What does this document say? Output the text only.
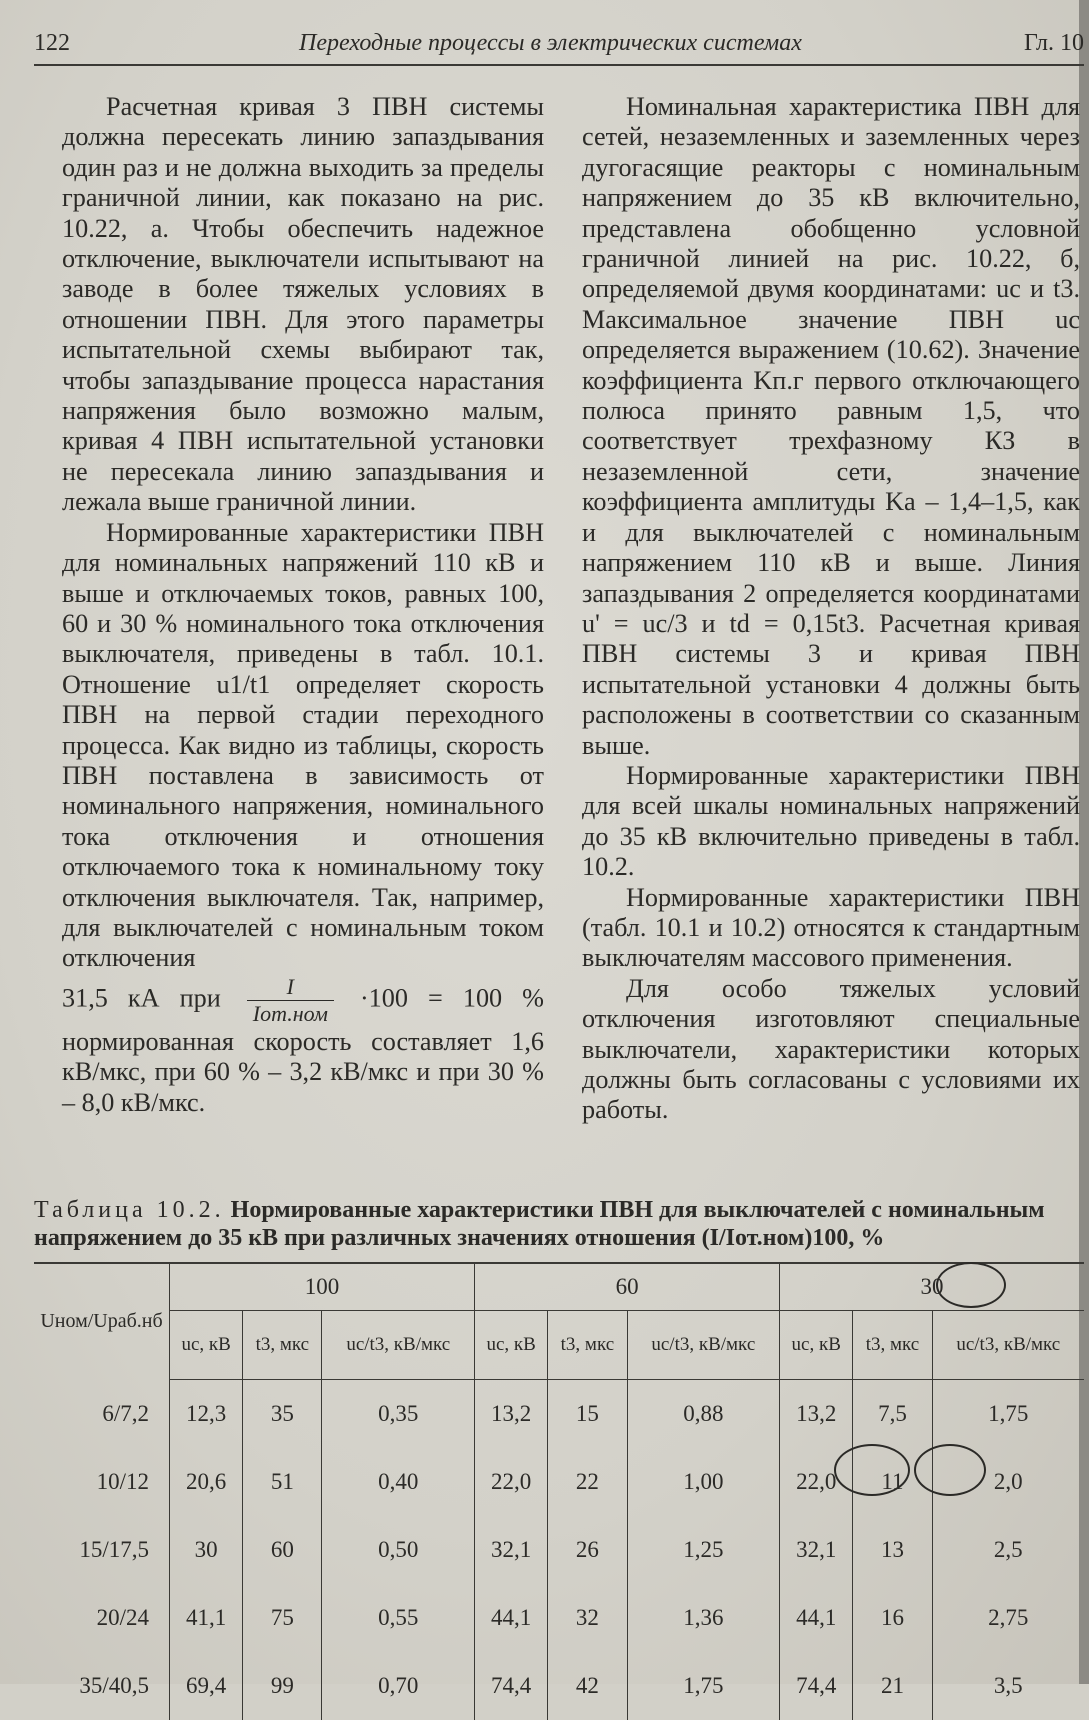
122	Переходные процессы в электрических системах	Гл. 10

Расчетная кривая 3 ПВН системы должна пересекать линию запаздывания один раз и не должна выходить за пределы граничной линии, как показано на рис. 10.22, а. Чтобы обеспечить надежное отключение, выключатели испытывают на заводе в более тяжелых условиях в отношении ПВН. Для этого параметры испытательной схемы выбирают так, чтобы запаздывание процесса нарастания напряжения было возможно малым, кривая 4 ПВН испытательной установки не пересекала линию запаздывания и лежала выше граничной линии.

Нормированные характеристики ПВН для номинальных напряжений 110 кВ и выше и отключаемых токов, равных 100, 60 и 30 % номинального тока отключения выключателя, приведены в табл. 10.1. Отношение u1/t1 определяет скорость ПВН на первой стадии переходного процесса. Как видно из таблицы, скорость ПВН поставлена в зависимость от номинального напряжения, номинального тока отключения и отношения отключаемого тока к номинальному току отключения выключателя. Так, например, для выключателей с номинальным током отключения

31,5 кА при $\frac{I}{\text{Iот.ном}} \cdot 100 = 100$ % нормированная скорость составляет 1,6 кВ/мкс, при 60 % – 3,2 кВ/мкс и при 30 % – 8,0 кВ/мкс.

Номинальная характеристика ПВН для сетей, незаземленных и заземленных через дугогасящие реакторы с номинальным напряжением до 35 кВ включительно, представлена обобщенно условной граничной линией на рис. 10.22, б, определяемой двумя координатами: uc и t3. Максимальное значение ПВН uc определяется выражением (10.62). Значение коэффициента Kп.г первого отключающего полюса принято равным 1,5, что соответствует трехфазному КЗ в незаземленной сети, значение коэффициента амплитуды Ka – 1,4–1,5, как и для выключателей с номинальным напряжением 110 кВ и выше. Линия запаздывания 2 определяется координатами u' = uc/3 и td = 0,15t3. Расчетная кривая ПВН системы 3 и кривая ПВН испытательной установки 4 должны быть расположены в соответствии со сказанным выше.

Нормированные характеристики ПВН для всей шкалы номинальных напряжений до 35 кВ включительно приведены в табл. 10.2.

Нормированные характеристики ПВН (табл. 10.1 и 10.2) относятся к стандартным выключателям массового применения.

Для особо тяжелых условий отключения изготовляют специальные выключатели, характеристики которых должны быть согласованы с условиями их работы.

Таблица 10.2. Нормированные характеристики ПВН для выключателей с номинальным напряжением до 35 кВ при различных значениях отношения (I/Iот.ном)100, %
Uном/Uраб.нб	100			60			30		
	uc, кВ	t3, мкс	uc/t3, кВ/мкс	uc, кВ	t3, мкс	uc/t3, кВ/мкс	uc, кВ	t3, мкс	uc/t3, кВ/мкс
6/7,2	12,3	35	0,35	13,2	15	0,88	13,2	7,5	1,75
10/12	20,6	51	0,40	22,0	22	1,00	22,0	11	2,0
15/17,5	30	60	0,50	32,1	26	1,25	32,1	13	2,5
20/24	41,1	75	0,55	44,1	32	1,36	44,1	16	2,75
35/40,5	69,4	99	0,70	74,4	42	1,75	74,4	21	3,5
